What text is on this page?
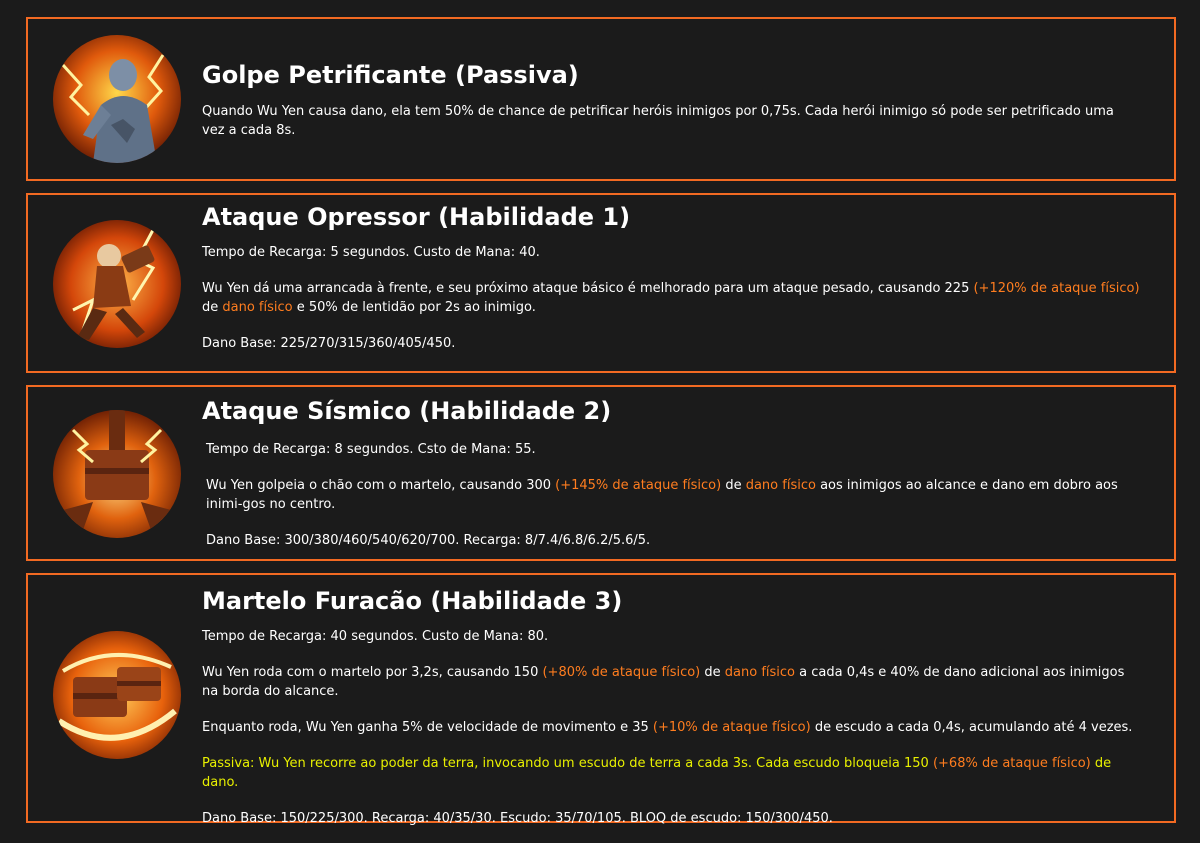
Golpe Petrificante (Passiva)

Quando Wu Yen causa dano, ela tem 50% de chance de petrificar heróis inimigos por 0,75s. Cada herói inimigo só pode ser petrificado uma vez a cada 8s.

Ataque Opressor (Habilidade 1)

Tempo de Recarga: 5 segundos. Custo de Mana: 40.

Wu Yen dá uma arrancada à frente, e seu próximo ataque básico é melhorado para um ataque pesado, causando 225 (+120% de ataque físico) de dano físico e 50% de lentidão por 2s ao inimigo.

Dano Base: 225/270/315/360/405/450.

Ataque Sísmico (Habilidade 2)

Tempo de Recarga: 8 segundos. Csto de Mana: 55.

Wu Yen golpeia o chão com o martelo, causando 300 (+145% de ataque físico) de dano físico aos inimigos ao alcance e dano em dobro aos inimi-gos no centro.

Dano Base: 300/380/460/540/620/700. Recarga: 8/7.4/6.8/6.2/5.6/5.

Martelo Furacão (Habilidade 3)

Tempo de Recarga: 40 segundos. Custo de Mana: 80.

Wu Yen roda com o martelo por 3,2s, causando 150 (+80% de ataque físico) de dano físico a cada 0,4s e 40% de dano adicional aos inimigos na borda do alcance.

Enquanto roda, Wu Yen ganha 5% de velocidade de movimento e 35 (+10% de ataque físico) de escudo a cada 0,4s, acumulando até 4 vezes.

Passiva: Wu Yen recorre ao poder da terra, invocando um escudo de terra a cada 3s. Cada escudo bloqueia 150 (+68% de ataque físico) de dano.

Dano Base: 150/225/300. Recarga: 40/35/30. Escudo: 35/70/105. BLOQ de escudo: 150/300/450.
